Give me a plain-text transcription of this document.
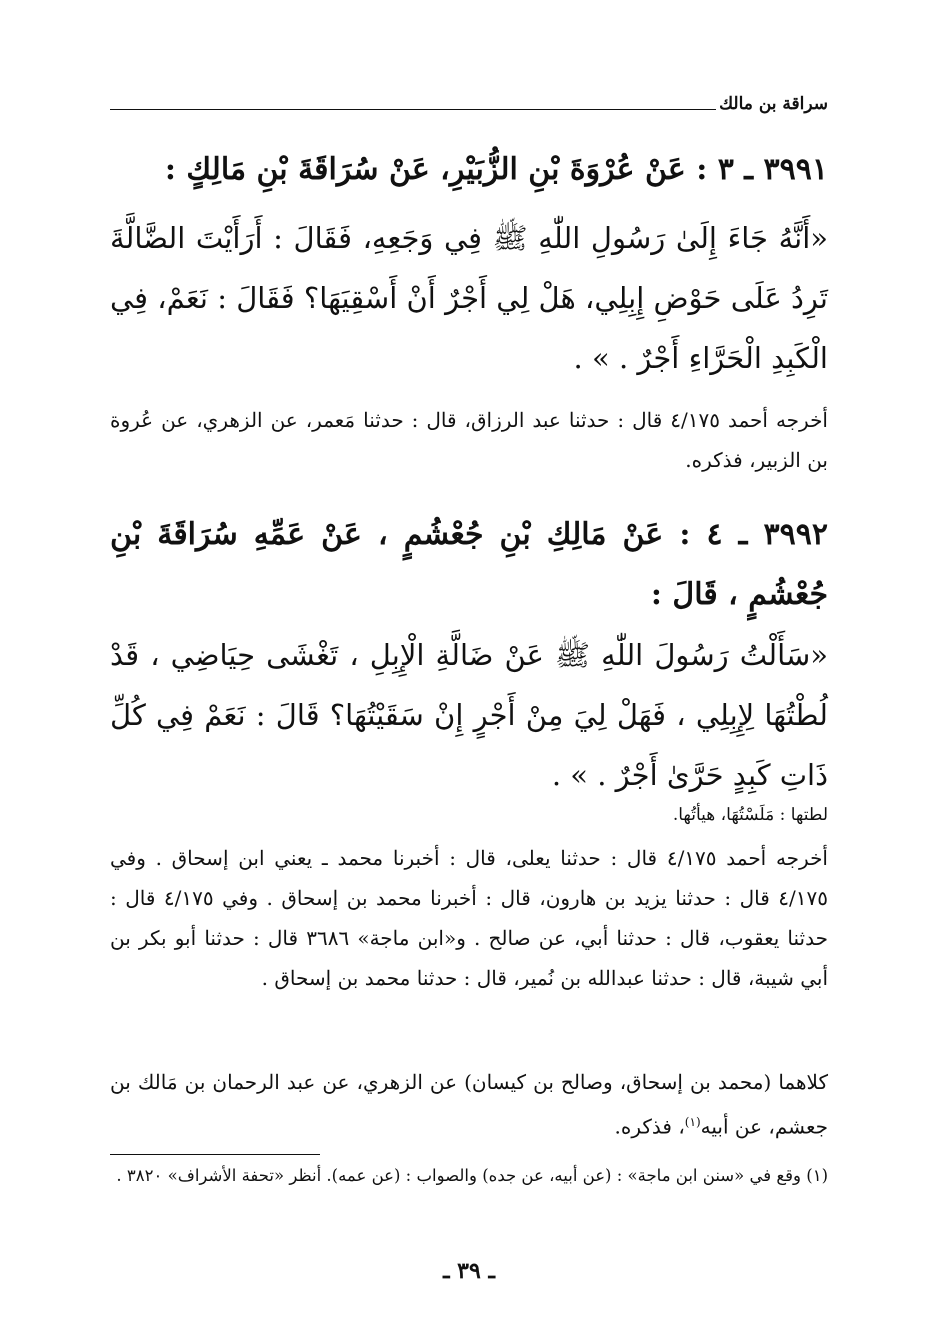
سراقة بن مالك
٣٩٩١ ـ ٣ : عَنْ عُرْوَةَ بْنِ الزُّبَيْرِ، عَنْ سُرَاقَةَ بْنِ مَالِكٍ :
«أَنَّهُ جَاءَ إِلَىٰ رَسُولِ اللّٰهِ ﷺ فِي وَجَعِهِ، فَقَالَ : أَرَأَيْتَ الضَّالَّةَ تَرِدُ عَلَى حَوْضِ إِبِلِي، هَلْ لِي أَجْرٌ أَنْ أَسْقِيَهَا؟ فَقَالَ : نَعَمْ، فِي الْكَبِدِ الْحَرَّاءِ أَجْرٌ . » .
أخرجه أحمد ٤/١٧٥ قال : حدثنا عبد الرزاق، قال : حدثنا مَعمر، عن الزهري، عن عُروة بن الزبير، فذكره.
٣٩٩٢ ـ ٤ : عَنْ مَالِكِ بْنِ جُعْشُمٍ ، عَنْ عَمِّهِ سُرَاقَةَ بْنِ جُعْشُمٍ ، قَالَ :
«سَأَلْتُ رَسُولَ اللّٰهِ ﷺ عَنْ ضَالَّةِ الْإِبِلِ ، تَغْشَى حِيَاضِي ، قَدْ لُطْتُهَا لِإِبِلِي ، فَهَلْ لِيَ مِنْ أَجْرٍ إِنْ سَقَيْتُهَا؟ قَالَ : نَعَمْ فِي كُلِّ ذَاتِ كَبِدٍ حَرَّىٰ أَجْرٌ . » .
لطتها : مَلَسْتُهَا، هيأتُها.
أخرجه أحمد ٤/١٧٥ قال : حدثنا يعلى، قال : أخبرنا محمد ـ يعني ابن إسحاق . وفي ٤/١٧٥ قال : حدثنا يزيد بن هارون، قال : أخبرنا محمد بن إسحاق . وفي ٤/١٧٥ قال : حدثنا يعقوب، قال : حدثنا أبي، عن صالح . و«ابن ماجة» ٣٦٨٦ قال : حدثنا أبو بكر بن أبي شيبة، قال : حدثنا عبدالله بن نُمير، قال : حدثنا محمد بن إسحاق .
كلاهما (محمد بن إسحاق، وصالح بن كيسان) عن الزهري، عن عبد الرحمان بن مَالك بن جعشم، عن أبيه$^{(١)}$، فذكره.
(١) وقع في «سنن ابن ماجة» : (عن أبيه، عن جده) والصواب : (عن عمه). أنظر «تحفة الأشراف» ٣٨٢٠ .
ـ ٣٩ ـ
